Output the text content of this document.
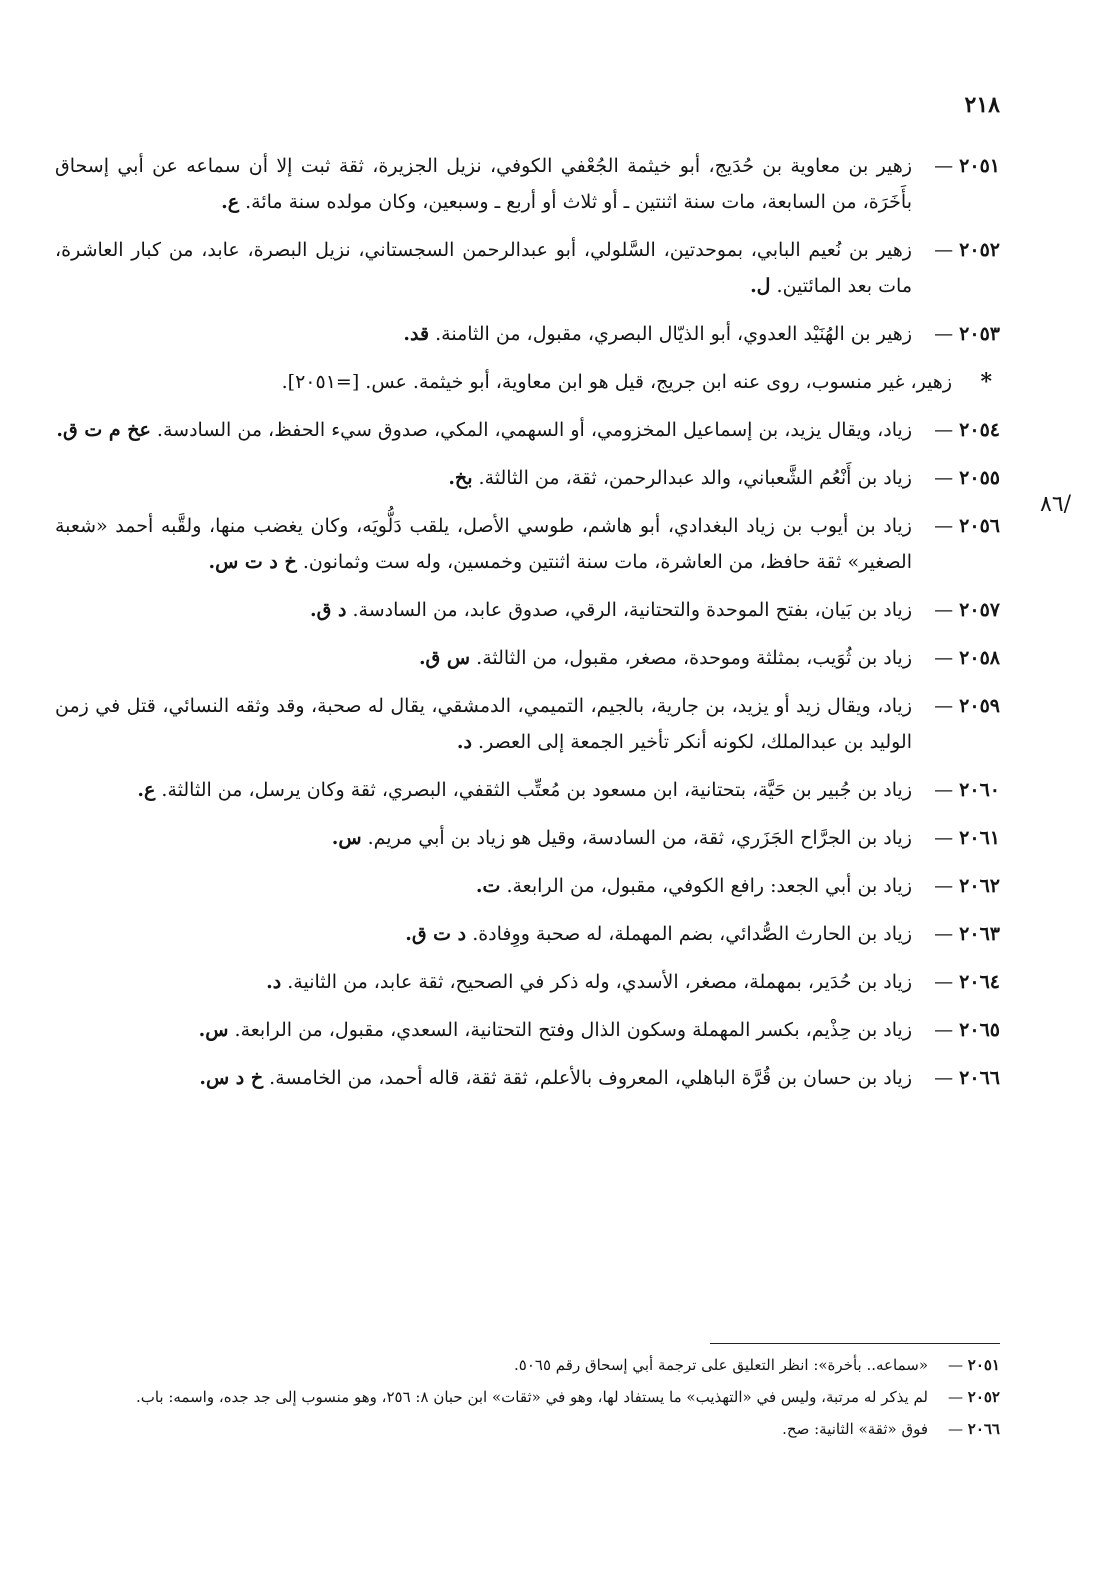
٢١٨
/٨٦
٢٠٥١ —
زهير بن معاوية بن حُدَيج، أبو خيثمة الجُعْفي الكوفي، نزيل الجزيرة، ثقة ثبت إلا أن سماعه عن أبي إسحاق بأَخَرَة، من السابعة، مات سنة اثنتين ـ أو ثلاث أو أربع ـ وسبعين، وكان مولده سنة مائة. ع.
٢٠٥٢ —
زهير بن نُعيم البابي، بموحدتين، السَّلولي، أبو عبدالرحمن السجستاني، نزيل البصرة، عابد، من كبار العاشرة، مات بعد المائتين. ل.
٢٠٥٣ —
زهير بن الهُنَيْد العدوي، أبو الذيّال البصري، مقبول، من الثامنة. قد.
*
زهير، غير منسوب، روى عنه ابن جريج، قيل هو ابن معاوية، أبو خيثمة. عس. [=٢٠٥١].
٢٠٥٤ —
زياد، ويقال يزيد، بن إسماعيل المخزومي، أو السهمي، المكي، صدوق سيء الحفظ، من السادسة. عخ م ت ق.
٢٠٥٥ —
زياد بن أَنْعُم الشَّعباني، والد عبدالرحمن، ثقة، من الثالثة. بخ.
٢٠٥٦ —
زياد بن أيوب بن زياد البغدادي، أبو هاشم، طوسي الأصل، يلقب دَلُّويَه، وكان يغضب منها، ولقَّبه أحمد «شعبة الصغير» ثقة حافظ، من العاشرة، مات سنة اثنتين وخمسين، وله ست وثمانون. خ د ت س.
٢٠٥٧ —
زياد بن بَيان، بفتح الموحدة والتحتانية، الرقي، صدوق عابد، من السادسة. د ق.
٢٠٥٨ —
زياد بن ثُوَيب، بمثلثة وموحدة، مصغر، مقبول، من الثالثة. س ق.
٢٠٥٩ —
زياد، ويقال زيد أو يزيد، بن جارية، بالجيم، التميمي، الدمشقي، يقال له صحبة، وقد وثقه النسائي، قتل في زمن الوليد بن عبدالملك، لكونه أنكر تأخير الجمعة إلى العصر. د.
٢٠٦٠ —
زياد بن جُبير بن حَيَّة، بتحتانية، ابن مسعود بن مُعتِّب الثقفي، البصري، ثقة وكان يرسل، من الثالثة. ع.
٢٠٦١ —
زياد بن الجرَّاح الجَزَري، ثقة، من السادسة، وقيل هو زياد بن أبي مريم. س.
٢٠٦٢ —
زياد بن أبي الجعد: رافع الكوفي، مقبول، من الرابعة. ت.
٢٠٦٣ —
زياد بن الحارث الصُّدائي، بضم المهملة، له صحبة ووِفادة. د ت ق.
٢٠٦٤ —
زياد بن حُدَير، بمهملة، مصغر، الأسدي، وله ذكر في الصحيح، ثقة عابد، من الثانية. د.
٢٠٦٥ —
زياد بن حِذْيم، بكسر المهملة وسكون الذال وفتح التحتانية، السعدي، مقبول، من الرابعة. س.
٢٠٦٦ —
زياد بن حسان بن قُرَّة الباهلي، المعروف بالأعلم، ثقة ثقة، قاله أحمد، من الخامسة. خ د س.
٢٠٥١ —
«سماعه.. بأخرة»: انظر التعليق على ترجمة أبي إسحاق رقم ٥٠٦٥.
٢٠٥٢ —
لم يذكر له مرتبة، وليس في «التهذيب» ما يستفاد لها، وهو في «ثقات» ابن حبان ٨: ٢٥٦، وهو منسوب إلى جد جده، واسمه: باب.
٢٠٦٦ —
فوق «ثقة» الثانية: صح.
